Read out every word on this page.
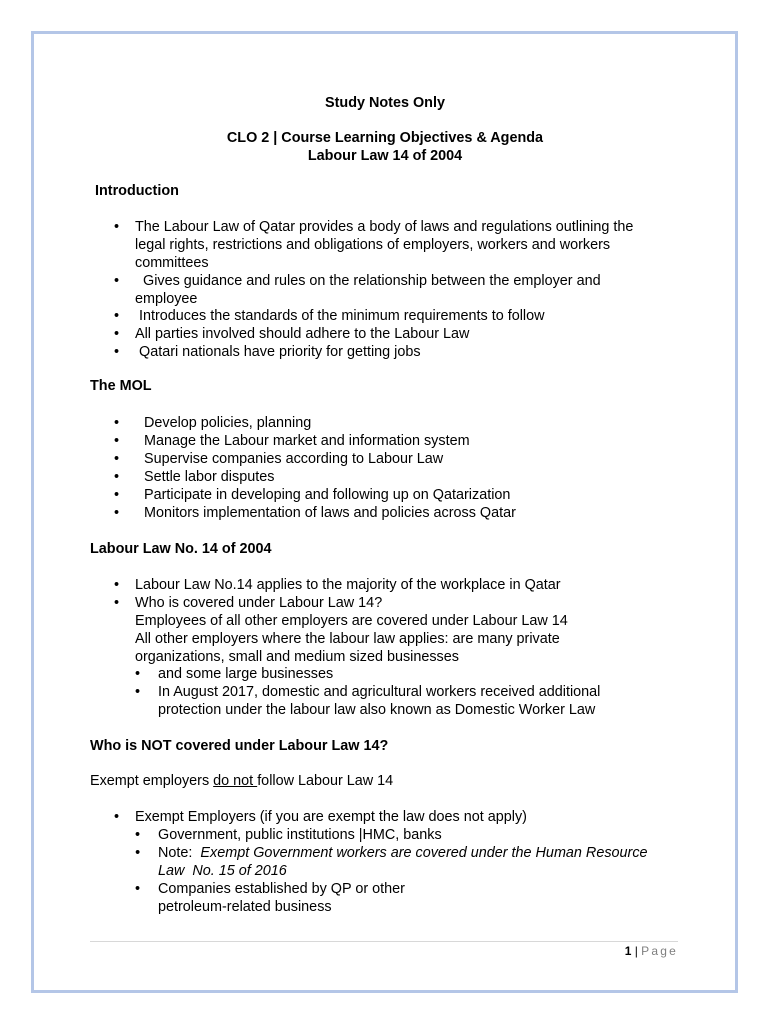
Study Notes Only
CLO 2 | Course Learning Objectives & Agenda
Labour Law 14 of 2004
Introduction
• The Labour Law of Qatar provides a body of laws and regulations outlining the
legal rights, restrictions and obligations of employers, workers and workers
committees
• Gives guidance and rules on the relationship between the employer and
employee
• Introduces the standards of the minimum requirements to follow
• All parties involved should adhere to the Labour Law
• Qatari nationals have priority for getting jobs
The MOL
• Develop policies, planning
• Manage the Labour market and information system
• Supervise companies according to Labour Law
• Settle labor disputes
• Participate in developing and following up on Qatarization
• Monitors implementation of laws and policies across Qatar
Labour Law No. 14 of 2004
• Labour Law No.14 applies to the majority of the workplace in Qatar
• Who is covered under Labour Law 14?
Employees of all other employers are covered under Labour Law 14
All other employers where the labour law applies: are many private
organizations, small and medium sized businesses
• and some large businesses
• In August 2017, domestic and agricultural workers received additional
protection under the labour law also known as Domestic Worker Law
Who is NOT covered under Labour Law 14?
Exempt employers do not follow Labour Law 14
• Exempt Employers (if you are exempt the law does not apply)
• Government, public institutions |HMC, banks
• Note:  Exempt Government workers are covered under the Human Resource
Law  No. 15 of 2016
• Companies established by QP or other
petroleum-related business
1 | Page
